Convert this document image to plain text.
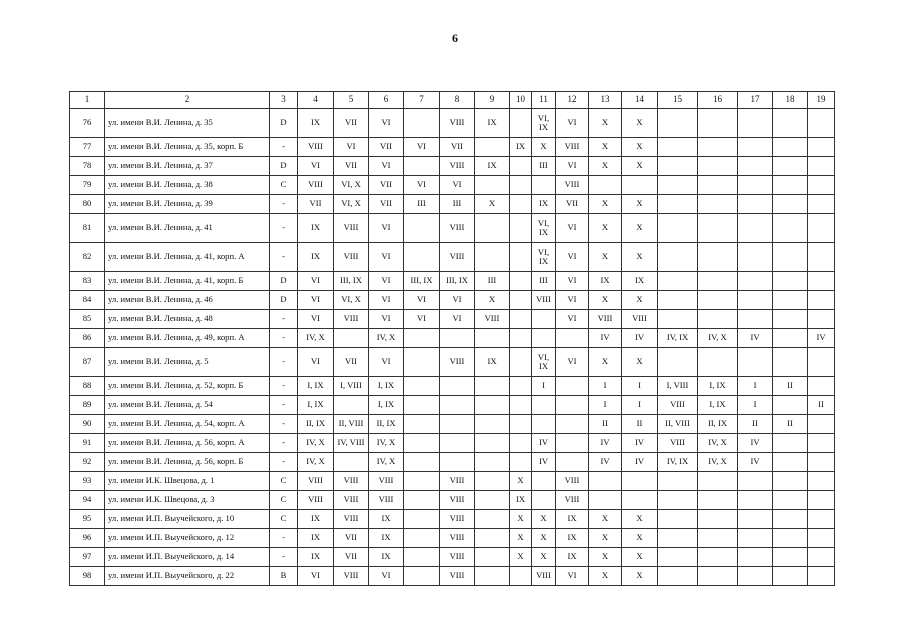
6
1	2	3	4	5	6	7	8	9	10	11	12	13	14	15	16	17	18	19
76	ул. имени В.И. Ленина, д. 35	D	IX	VII	VI		VIII	IX		VI, IX	VI	X	X					
77	ул. имени В.И. Ленина, д. 35, корп. Б	-	VIII	VI	VII	VI	VII		IX	X	VIII	X	X					
78	ул. имени В.И. Ленина, д. 37	D	VI	VII	VI		VIII	IX		III	VI	X	X					
79	ул. имени В.И. Ленина, д. 38	C	VIII	VI, X	VII	VI	VI				VIII							
80	ул. имени В.И. Ленина, д. 39	-	VII	VI, X	VII	III	III	X		IX	VII	X	X					
81	ул. имени В.И. Ленина, д. 41	-	IX	VIII	VI		VIII			VI, IX	VI	X	X					
82	ул. имени В.И. Ленина, д. 41, корп. А	-	IX	VIII	VI		VIII			VI, IX	VI	X	X					
83	ул. имени В.И. Ленина, д. 41, корп. Б	D	VI	III, IX	VI	III, IX	III, IX	III		III	VI	IX	IX					
84	ул. имени В.И. Ленина, д. 46	D	VI	VI, X	VI	VI	VI	X		VIII	VI	X	X					
85	ул. имени В.И. Ленина, д. 48	-	VI	VIII	VI	VI	VI	VIII			VI	VIII	VIII					
86	ул. имени В.И. Ленина, д. 49, корп. А	-	IV, X		IV, X							IV	IV	IV, IX	IV, X	IV		IV
87	ул. имени В.И. Ленина, д. 5	-	VI	VII	VI		VIII	IX		VI, IX	VI	X	X					
88	ул. имени В.И. Ленина, д. 52, корп. Б	-	I, IX	I, VIII	I, IX					I		I	I	I, VIII	I, IX	I	II	
89	ул. имени В.И. Ленина, д. 54	-	I, IX		I, IX							I	I	VIII	I, IX	I		II
90	ул. имени В.И. Ленина, д. 54, корп. А	-	II, IX	II, VIII	II, IX							II	II	II, VIII	II, IX	II	II	
91	ул. имени В.И. Ленина, д. 56, корп. А	-	IV, X	IV, VIII	IV, X					IV		IV	IV	VIII	IV, X	IV		
92	ул. имени В.И. Ленина, д. 56, корп. Б	-	IV, X		IV, X					IV		IV	IV	IV, IX	IV, X	IV		
93	ул. имени И.К. Швецова, д. 1	C	VIII	VIII	VIII		VIII		X		VIII							
94	ул. имени И.К. Швецова, д. 3	C	VIII	VIII	VIII		VIII		IX		VIII							
95	ул. имени И.П. Выучейского, д. 10	C	IX	VIII	IX		VIII		X	X	IX	X	X					
96	ул. имени И.П. Выучейского, д. 12	-	IX	VII	IX		VIII		X	X	IX	X	X					
97	ул. имени И.П. Выучейского, д. 14	-	IX	VII	IX		VIII		X	X	IX	X	X					
98	ул. имени И.П. Выучейского, д. 22	B	VI	VIII	VI		VIII			VIII	VI	X	X					
